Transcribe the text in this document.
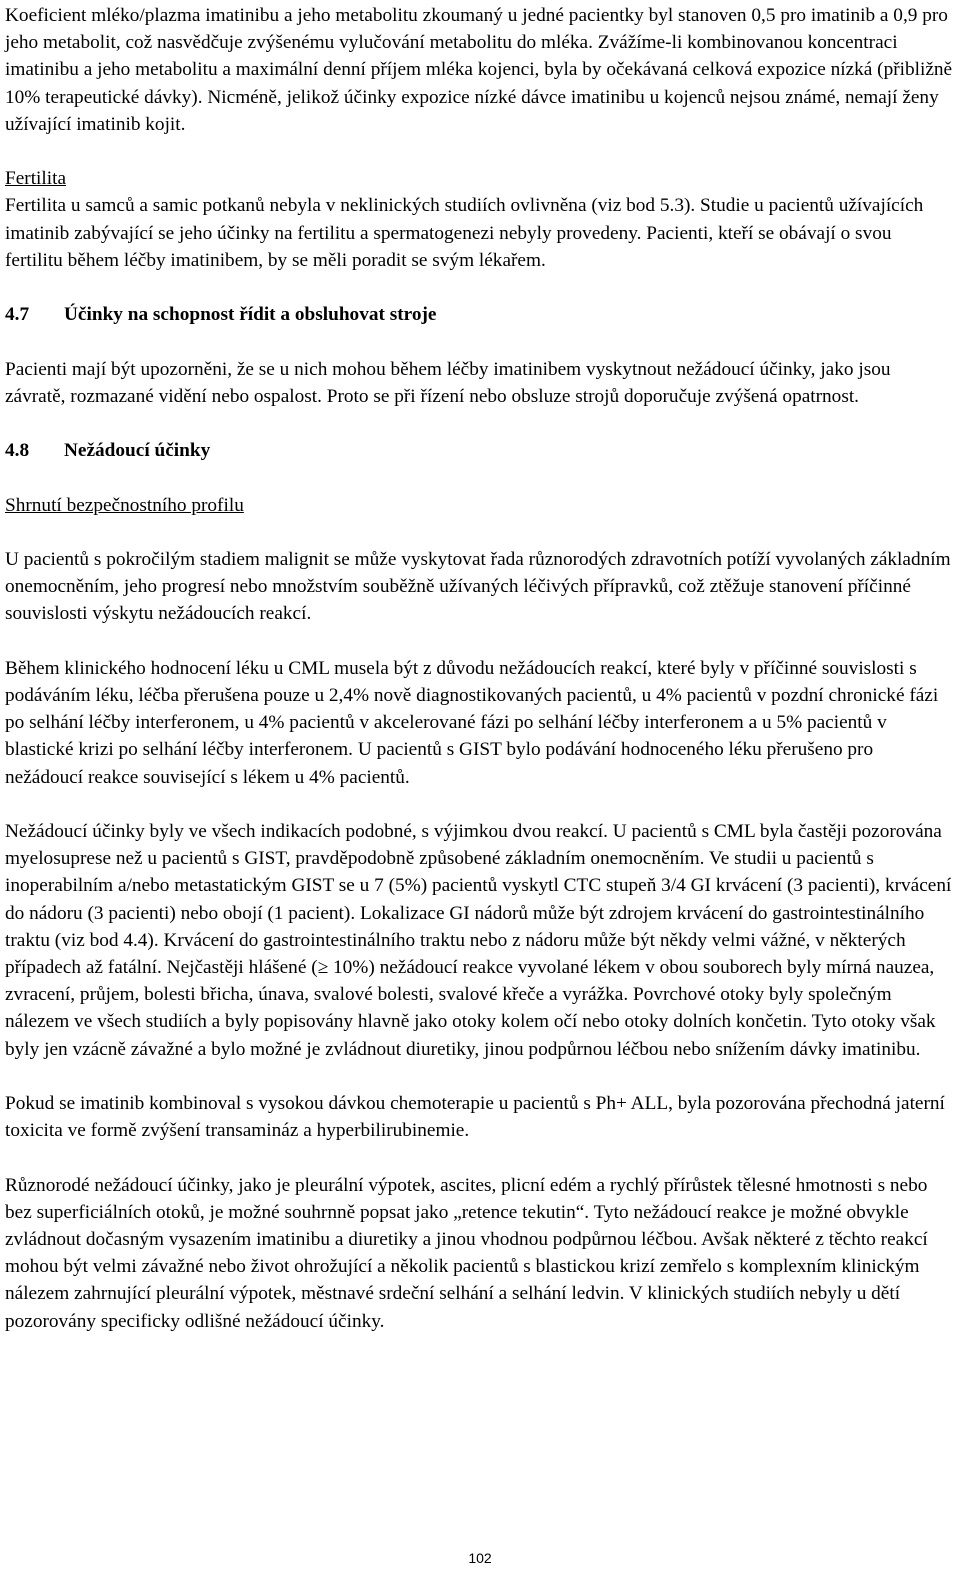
Koeficient mléko/plazma imatinibu a jeho metabolitu zkoumaný u jedné pacientky byl stanoven 0,5 pro imatinib a 0,9 pro jeho metabolit, což nasvědčuje zvýšenému vylučování metabolitu do mléka. Zvážíme-li kombinovanou koncentraci imatinibu a jeho metabolitu a maximální denní příjem mléka kojenci, byla by očekávaná celková expozice nízká (přibližně 10% terapeutické dávky). Nicméně, jelikož účinky expozice nízké dávce imatinibu u kojenců nejsou známé, nemají ženy užívající imatinib kojit.

Fertilita

Fertilita u samců a samic potkanů nebyla v neklinických studiích ovlivněna (viz bod 5.3). Studie u pacientů užívajících imatinib zabývající se jeho účinky na fertilitu a spermatogenezi nebyly provedeny. Pacienti, kteří se obávají o svou fertilitu během léčby imatinibem, by se měli poradit se svým lékařem.

4.7	Účinky na schopnost řídit a obsluhovat stroje

Pacienti mají být upozorněni, že se u nich mohou během léčby imatinibem vyskytnout nežádoucí účinky, jako jsou závratě, rozmazané vidění nebo ospalost. Proto se při řízení nebo obsluze strojů doporučuje zvýšená opatrnost.

4.8	Nežádoucí účinky

Shrnutí bezpečnostního profilu

U pacientů s pokročilým stadiem malignit se může vyskytovat řada různorodých zdravotních potíží vyvolaných základním onemocněním, jeho progresí nebo množstvím souběžně užívaných léčivých přípravků, což ztěžuje stanovení příčinné souvislosti výskytu nežádoucích reakcí.

Během klinického hodnocení léku u CML musela být z důvodu nežádoucích reakcí, které byly v příčinné souvislosti s podáváním léku, léčba přerušena pouze u 2,4% nově diagnostikovaných pacientů, u 4% pacientů v pozdní chronické fázi po selhání léčby interferonem, u 4% pacientů v akcelerované fázi po selhání léčby interferonem a u 5% pacientů v blastické krizi po selhání léčby interferonem. U pacientů s GIST bylo podávání hodnoceného léku přerušeno pro nežádoucí reakce související s lékem u 4% pacientů.

Nežádoucí účinky byly ve všech indikacích podobné, s výjimkou dvou reakcí. U pacientů s CML byla častěji pozorována myelosuprese než u pacientů s GIST, pravděpodobně způsobené základním onemocněním. Ve studii u pacientů s inoperabilním a/nebo metastatickým GIST se u 7 (5%) pacientů vyskytl CTC stupeň 3/4 GI krvácení (3 pacienti), krvácení do nádoru (3 pacienti) nebo obojí (1 pacient). Lokalizace GI nádorů může být zdrojem krvácení do gastrointestinálního traktu (viz bod 4.4). Krvácení do gastrointestinálního traktu nebo z nádoru může být někdy velmi vážné, v některých případech až fatální. Nejčastěji hlášené (≥ 10%) nežádoucí reakce vyvolané lékem v obou souborech byly mírná nauzea, zvracení, průjem, bolesti břicha, únava, svalové bolesti, svalové křeče a vyrážka. Povrchové otoky byly společným nálezem ve všech studiích a byly popisovány hlavně jako otoky kolem očí nebo otoky dolních končetin. Tyto otoky však byly jen vzácně závažné a bylo možné je zvládnout diuretiky, jinou podpůrnou léčbou nebo snížením dávky imatinibu.

Pokud se imatinib kombinoval s vysokou dávkou chemoterapie u pacientů s Ph+ ALL, byla pozorována přechodná jaterní toxicita ve formě zvýšení transamináz a hyperbilirubinemie.

Různorodé nežádoucí účinky, jako je pleurální výpotek, ascites, plicní edém a rychlý přírůstek tělesné hmotnosti s nebo bez superficiálních otoků, je možné souhrnně popsat jako „retence tekutin“. Tyto nežádoucí reakce je možné obvykle zvládnout dočasným vysazením imatinibu a diuretiky a jinou vhodnou podpůrnou léčbou. Avšak některé z těchto reakcí mohou být velmi závažné nebo život ohrožující a několik pacientů s blastickou krizí zemřelo s komplexním klinickým nálezem zahrnující pleurální výpotek, městnavé srdeční selhání a selhání ledvin. V klinických studiích nebyly u dětí pozorovány specificky odlišné nežádoucí účinky.

102
